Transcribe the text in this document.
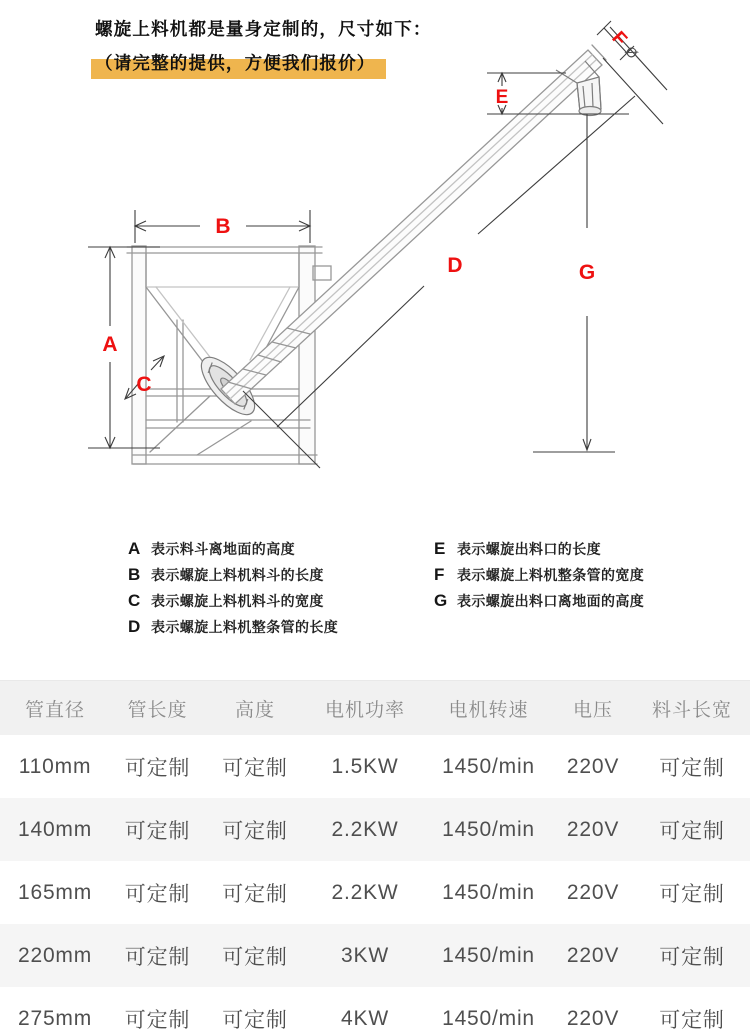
螺旋上料机都是量身定制的，尺寸如下：
（请完整的提供，方便我们报价）
A
B
C
D
E
F
Ø
G
A 表示料斗离地面的高度
B 表示螺旋上料机料斗的长度
C 表示螺旋上料机料斗的宽度
D 表示螺旋上料机整条管的长度
E 表示螺旋出料口的长度
F 表示螺旋上料机整条管的宽度
G 表示螺旋出料口离地面的高度
管直径	管长度	高度	电机功率	电机转速	电压	料斗长宽
110mm	可定制	可定制	1.5KW	1450/min	220V	可定制
140mm	可定制	可定制	2.2KW	1450/min	220V	可定制
165mm	可定制	可定制	2.2KW	1450/min	220V	可定制
220mm	可定制	可定制	3KW	1450/min	220V	可定制
275mm	可定制	可定制	4KW	1450/min	220V	可定制
